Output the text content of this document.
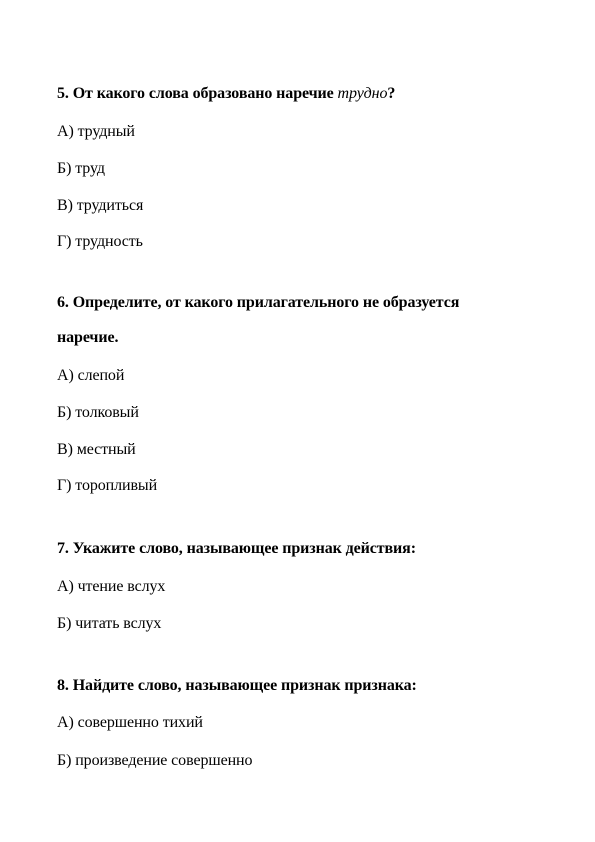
5. От какого слова образовано наречие трудно?
А) трудный
Б) труд
В) трудиться
Г) трудность
6. Определите, от какого прилагательного не образуется
наречие.
А) слепой
Б) толковый
В) местный
Г) торопливый
7. Укажите слово, называющее признак действия:
А) чтение вслух
Б) читать вслух
8. Найдите слово, называющее признак признака:
А) совершенно тихий
Б) произведение совершенно
